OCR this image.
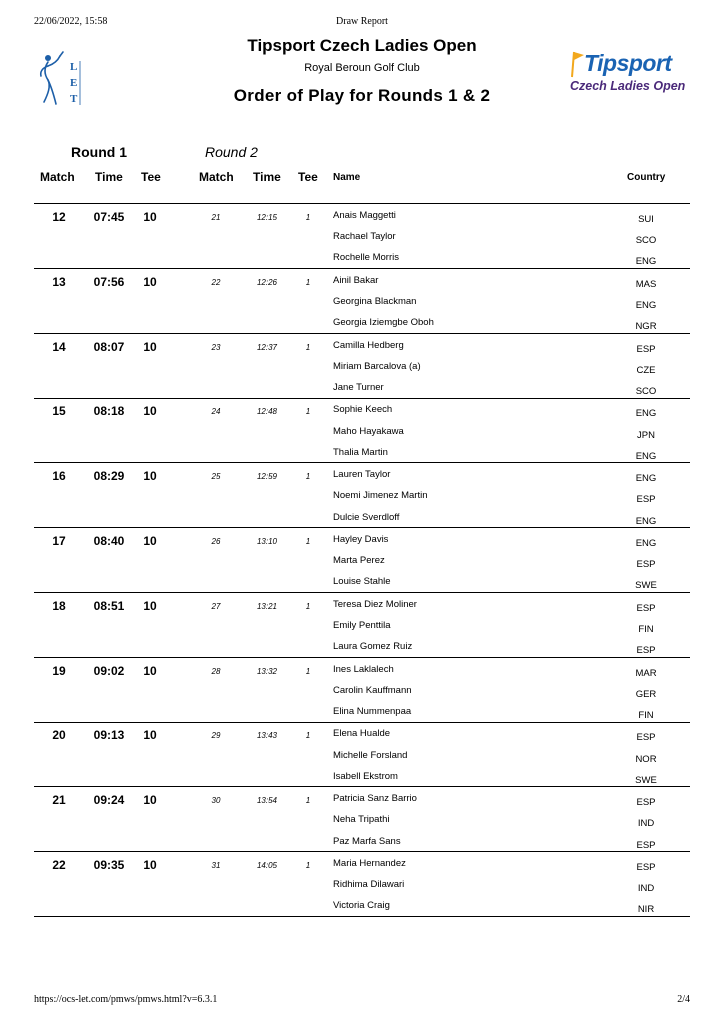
22/06/2022, 15:58	Draw Report
L
E
T
Tipsport
Czech Ladies Open
Tipsport Czech Ladies Open
Royal Beroun Golf Club
Order of Play for Rounds 1 & 2
Round 1	Round 2
Match Time Tee	Match Time Tee Name	Country
12	07:45	10	21	12:15	1	Anais Maggetti	SUI
Rachael Taylor	SCO
Rochelle Morris	ENG
13	07:56	10	22	12:26	1	Ainil Bakar	MAS
Georgina Blackman	ENG
Georgia Iziemgbe Oboh	NGR
14	08:07	10	23	12:37	1	Camilla Hedberg	ESP
Miriam Barcalova (a)	CZE
Jane Turner	SCO
15	08:18	10	24	12:48	1	Sophie Keech	ENG
Maho Hayakawa	JPN
Thalia Martin	ENG
16	08:29	10	25	12:59	1	Lauren Taylor	ENG
Noemi Jimenez Martin	ESP
Dulcie Sverdloff	ENG
17	08:40	10	26	13:10	1	Hayley Davis	ENG
Marta Perez	ESP
Louise Stahle	SWE
18	08:51	10	27	13:21	1	Teresa Diez Moliner	ESP
Emily Penttila	FIN
Laura Gomez Ruiz	ESP
19	09:02	10	28	13:32	1	Ines Laklalech	MAR
Carolin Kauffmann	GER
Elina Nummenpaa	FIN
20	09:13	10	29	13:43	1	Elena Hualde	ESP
Michelle Forsland	NOR
Isabell Ekstrom	SWE
21	09:24	10	30	13:54	1	Patricia Sanz Barrio	ESP
Neha Tripathi	IND
Paz Marfa Sans	ESP
22	09:35	10	31	14:05	1	Maria Hernandez	ESP
Ridhima Dilawari	IND
Victoria Craig	NIR
https://ocs-let.com/pmws/pmws.html?v=6.3.1	2/4
